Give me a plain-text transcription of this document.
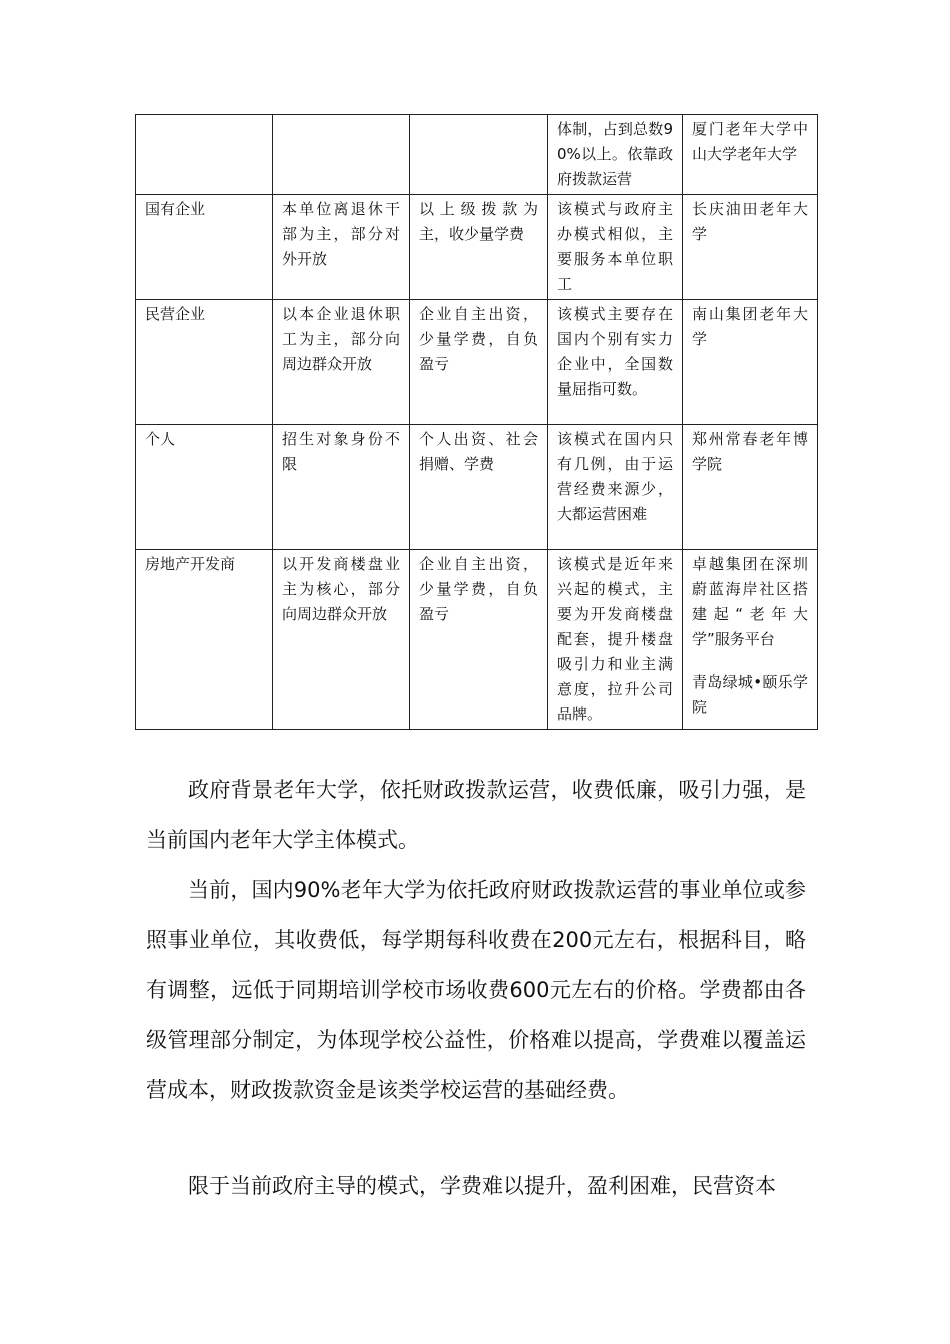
			体制，占到总数90%以上。依靠政府拨款运营	厦门老年大学中山大学老年大学

国有企业	本单位离退休干部为主，部分对外开放	以上级拨款为主，收少量学费	该模式与政府主办模式相似，主要服务本单位职工	长庆油田老年大学

民营企业	以本企业退休职工为主，部分向周边群众开放	企业自主出资，少量学费，自负盈亏	该模式主要存在国内个别有实力企业中，全国数量屈指可数。	南山集团老年大学

个人	招生对象身份不限	个人出资、社会捐赠、学费	该模式在国内只有几例，由于运营经费来源少，大都运营困难	郑州常春老年博学院

房地产开发商	以开发商楼盘业主为核心，部分向周边群众开放	企业自主出资，少量学费，自负盈亏	该模式是近年来兴起的模式，主要为开发商楼盘配套，提升楼盘吸引力和业主满意度，拉升公司品牌。	卓越集团在深圳蔚蓝海岸社区搭建起“老年大学”服务平台
青岛绿城•颐乐学院

政府背景老年大学，依托财政拨款运营，收费低廉，吸引力强，是当前国内老年大学主体模式。

当前，国内90%老年大学为依托政府财政拨款运营的事业单位或参照事业单位，其收费低，每学期每科收费在200元左右，根据科目，略有调整，远低于同期培训学校市场收费600元左右的价格。学费都由各级管理部分制定，为体现学校公益性，价格难以提高，学费难以覆盖运营成本，财政拨款资金是该类学校运营的基础经费。

限于当前政府主导的模式，学费难以提升，盈利困难，民营资本
